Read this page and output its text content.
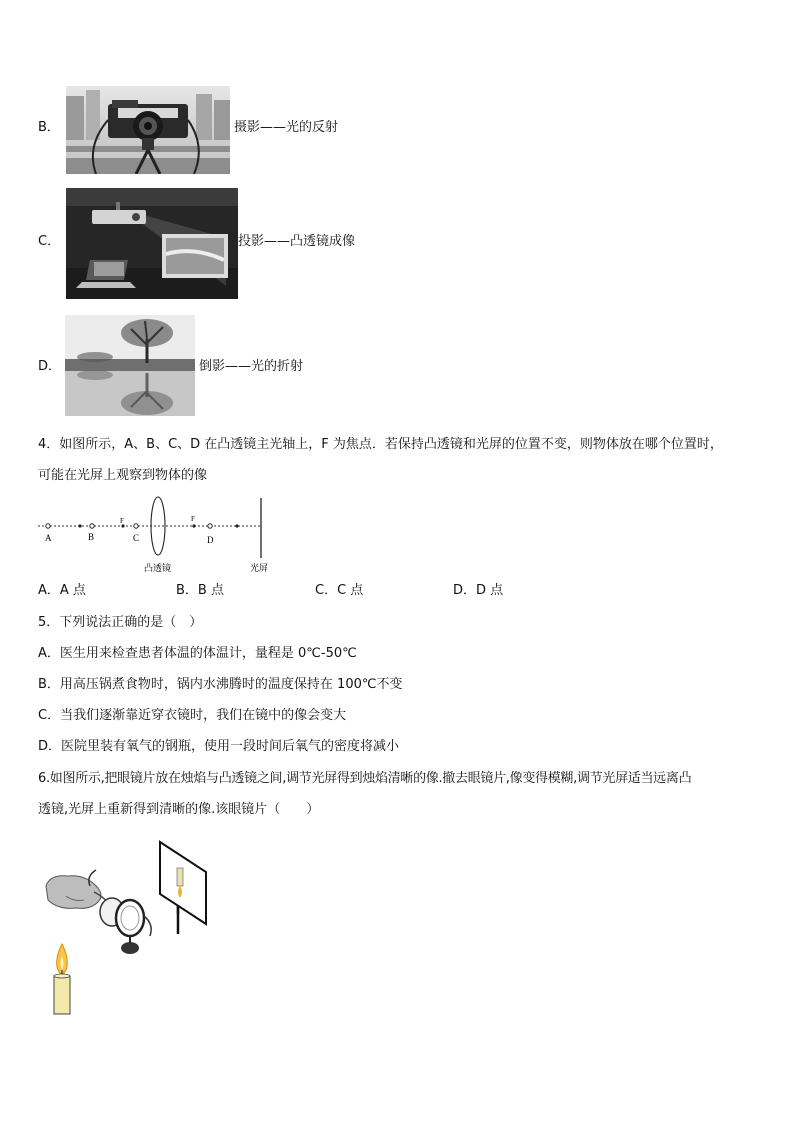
B．	摄影——光的反射
C．	投影——凸透镜成像
D．	倒影——光的折射
4．如图所示，A、B、C、D 在凸透镜主光轴上，F 为焦点．若保持凸透镜和光屏的位置不变，则物体放在哪个位置时，
可能在光屏上观察到物体的像
A	B	C	D
F	F
凸透镜	光屏
A．A 点	B．B 点	C．C 点	D．D 点
5．下列说法正确的是（　）
A．医生用来检查患者体温的体温计，量程是 0℃-50℃
B．用高压锅煮食物时，锅内水沸腾时的温度保持在 100℃不变
C．当我们逐渐靠近穿衣镜时，我们在镜中的像会变大
D．医院里装有氧气的钢瓶，使用一段时间后氧气的密度将减小
6.如图所示,把眼镜片放在烛焰与凸透镜之间,调节光屏得到烛焰清晰的像.撤去眼镜片,像变得模糊,调节光屏适当远离凸
透镜,光屏上重新得到清晰的像.该眼镜片（　　）
